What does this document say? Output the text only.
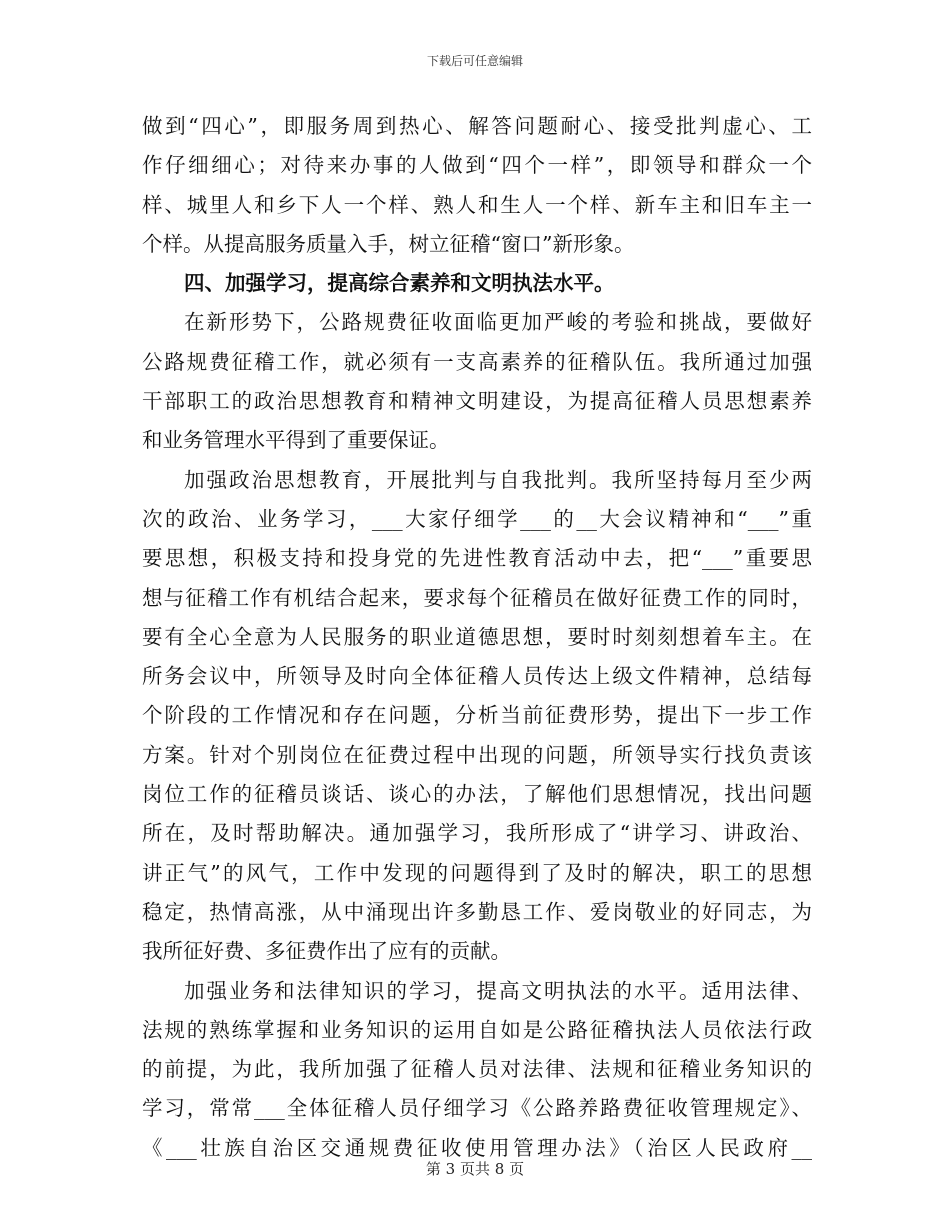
下载后可任意编辑
做到“四心”，即服务周到热心、解答问题耐心、接受批判虚心、工
作仔细细心；对待来办事的人做到“四个一样”，即领导和群众一个
样、城里人和乡下人一个样、熟人和生人一个样、新车主和旧车主一
个样。从提高服务质量入手，树立征稽“窗口”新形象。
四、加强学习，提高综合素养和文明执法水平。
在新形势下，公路规费征收面临更加严峻的考验和挑战，要做好
公路规费征稽工作，就必须有一支高素养的征稽队伍。我所通过加强
干部职工的政治思想教育和精神文明建设，为提高征稽人员思想素养
和业务管理水平得到了重要保证。
加强政治思想教育，开展批判与自我批判。我所坚持每月至少两
次的政治、业务学习，___大家仔细学___的__大会议精神和“___”重
要思想，积极支持和投身党的先进性教育活动中去，把“___”重要思
想与征稽工作有机结合起来，要求每个征稽员在做好征费工作的同时，
要有全心全意为人民服务的职业道德思想，要时时刻刻想着车主。在
所务会议中，所领导及时向全体征稽人员传达上级文件精神，总结每
个阶段的工作情况和存在问题，分析当前征费形势，提出下一步工作
方案。针对个别岗位在征费过程中出现的问题，所领导实行找负责该
岗位工作的征稽员谈话、谈心的办法，了解他们思想情况，找出问题
所在，及时帮助解决。通加强学习，我所形成了“讲学习、讲政治、
讲正气”的风气，工作中发现的问题得到了及时的解决，职工的思想
稳定，热情高涨，从中涌现出许多勤恳工作、爱岗敬业的好同志，为
我所征好费、多征费作出了应有的贡献。
加强业务和法律知识的学习，提高文明执法的水平。适用法律、
法规的熟练掌握和业务知识的运用自如是公路征稽执法人员依法行政
的前提，为此，我所加强了征稽人员对法律、法规和征稽业务知识的
学习，常常___全体征稽人员仔细学习《公路养路费征收管理规定》、
《___壮族自治区交通规费征收使用管理办法》（治区人民政府__
第 3 页共 8 页
